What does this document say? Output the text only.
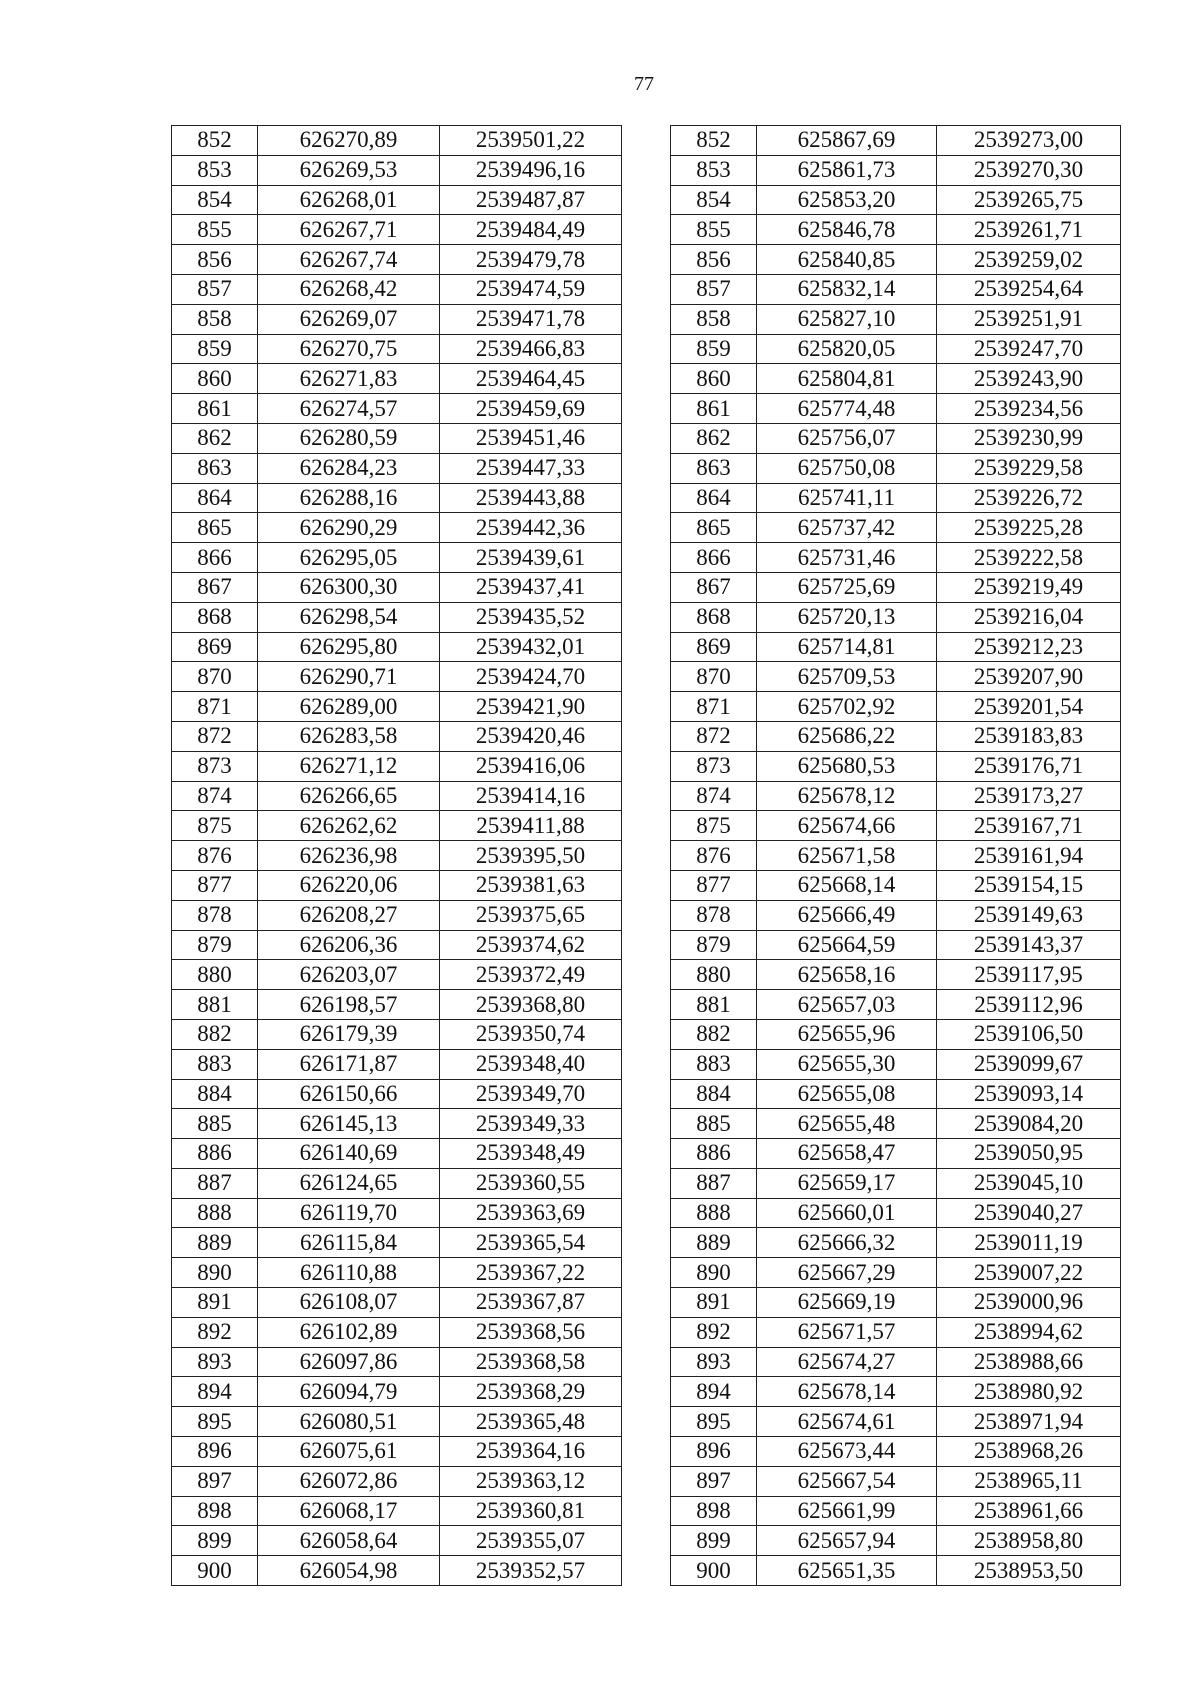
77
852	626270,89	2539501,22		852	625867,69	2539273,00
853	626269,53	2539496,16		853	625861,73	2539270,30
854	626268,01	2539487,87		854	625853,20	2539265,75
855	626267,71	2539484,49		855	625846,78	2539261,71
856	626267,74	2539479,78		856	625840,85	2539259,02
857	626268,42	2539474,59		857	625832,14	2539254,64
858	626269,07	2539471,78		858	625827,10	2539251,91
859	626270,75	2539466,83		859	625820,05	2539247,70
860	626271,83	2539464,45		860	625804,81	2539243,90
861	626274,57	2539459,69		861	625774,48	2539234,56
862	626280,59	2539451,46		862	625756,07	2539230,99
863	626284,23	2539447,33		863	625750,08	2539229,58
864	626288,16	2539443,88		864	625741,11	2539226,72
865	626290,29	2539442,36		865	625737,42	2539225,28
866	626295,05	2539439,61		866	625731,46	2539222,58
867	626300,30	2539437,41		867	625725,69	2539219,49
868	626298,54	2539435,52		868	625720,13	2539216,04
869	626295,80	2539432,01		869	625714,81	2539212,23
870	626290,71	2539424,70		870	625709,53	2539207,90
871	626289,00	2539421,90		871	625702,92	2539201,54
872	626283,58	2539420,46		872	625686,22	2539183,83
873	626271,12	2539416,06		873	625680,53	2539176,71
874	626266,65	2539414,16		874	625678,12	2539173,27
875	626262,62	2539411,88		875	625674,66	2539167,71
876	626236,98	2539395,50		876	625671,58	2539161,94
877	626220,06	2539381,63		877	625668,14	2539154,15
878	626208,27	2539375,65		878	625666,49	2539149,63
879	626206,36	2539374,62		879	625664,59	2539143,37
880	626203,07	2539372,49		880	625658,16	2539117,95
881	626198,57	2539368,80		881	625657,03	2539112,96
882	626179,39	2539350,74		882	625655,96	2539106,50
883	626171,87	2539348,40		883	625655,30	2539099,67
884	626150,66	2539349,70		884	625655,08	2539093,14
885	626145,13	2539349,33		885	625655,48	2539084,20
886	626140,69	2539348,49		886	625658,47	2539050,95
887	626124,65	2539360,55		887	625659,17	2539045,10
888	626119,70	2539363,69		888	625660,01	2539040,27
889	626115,84	2539365,54		889	625666,32	2539011,19
890	626110,88	2539367,22		890	625667,29	2539007,22
891	626108,07	2539367,87		891	625669,19	2539000,96
892	626102,89	2539368,56		892	625671,57	2538994,62
893	626097,86	2539368,58		893	625674,27	2538988,66
894	626094,79	2539368,29		894	625678,14	2538980,92
895	626080,51	2539365,48		895	625674,61	2538971,94
896	626075,61	2539364,16		896	625673,44	2538968,26
897	626072,86	2539363,12		897	625667,54	2538965,11
898	626068,17	2539360,81		898	625661,99	2538961,66
899	626058,64	2539355,07		899	625657,94	2538958,80
900	626054,98	2539352,57		900	625651,35	2538953,50
